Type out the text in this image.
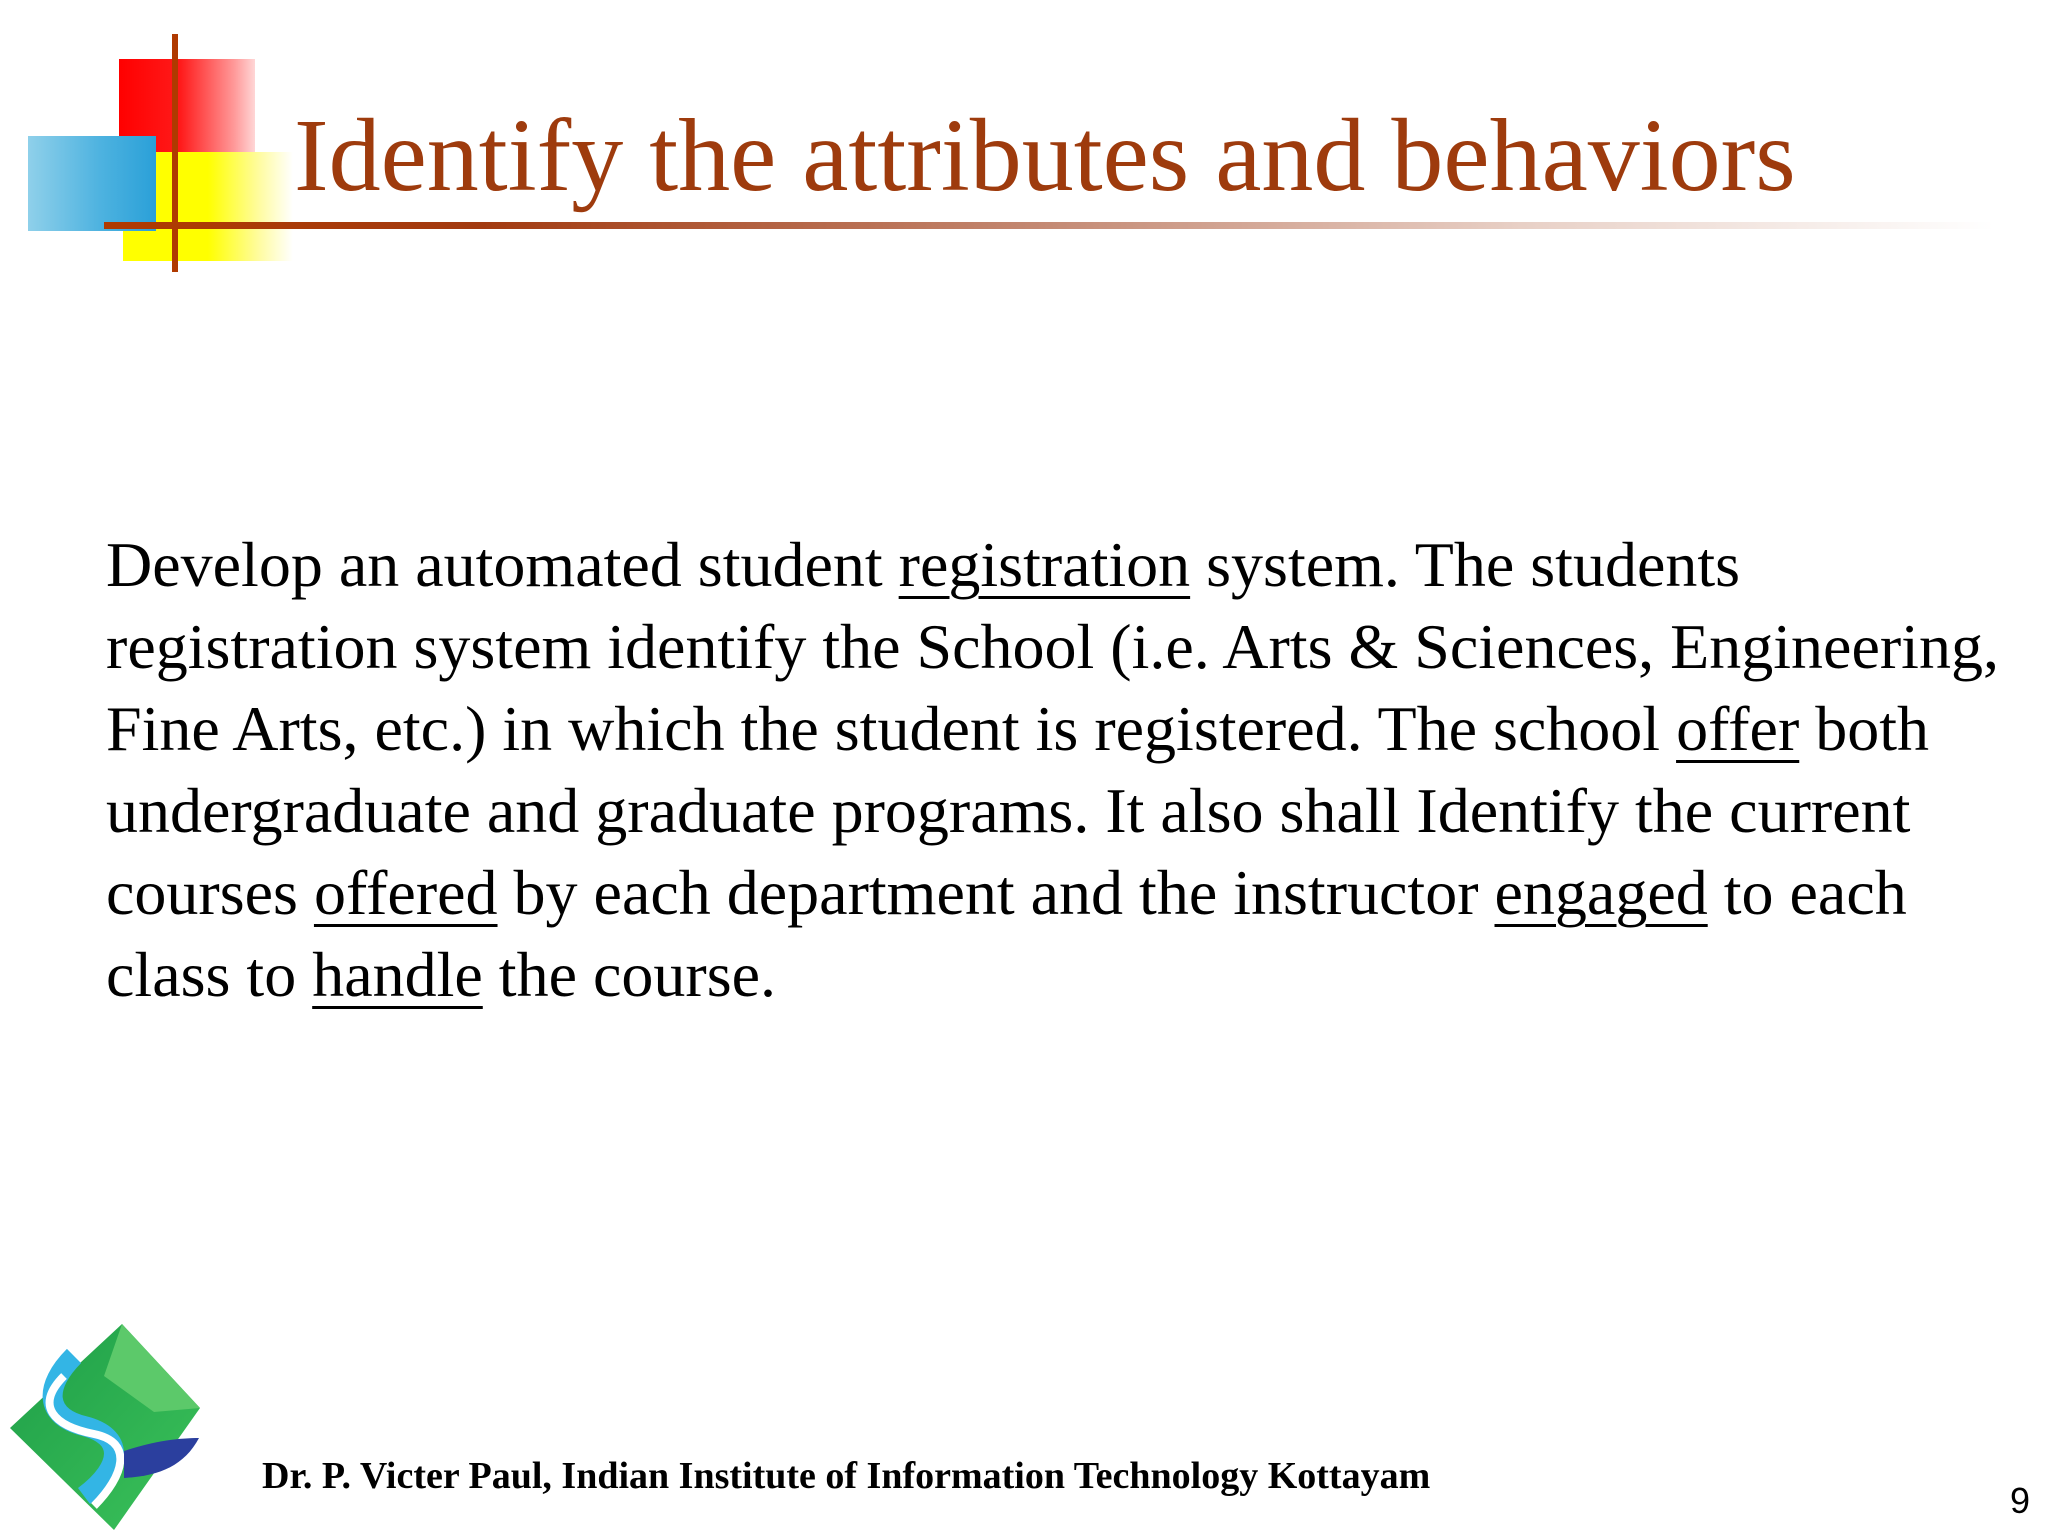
Identify the attributes and behaviors

Develop an automated student registration system. The students registration system identify the School (i.e. Arts & Sciences, Engineering, Fine Arts, etc.) in which the student is registered. The school offer both undergraduate and graduate programs. It also shall Identify the current courses offered by each department and the instructor engaged to each class to handle the course.

Dr. P. Victer Paul, Indian Institute of Information Technology Kottayam

9
